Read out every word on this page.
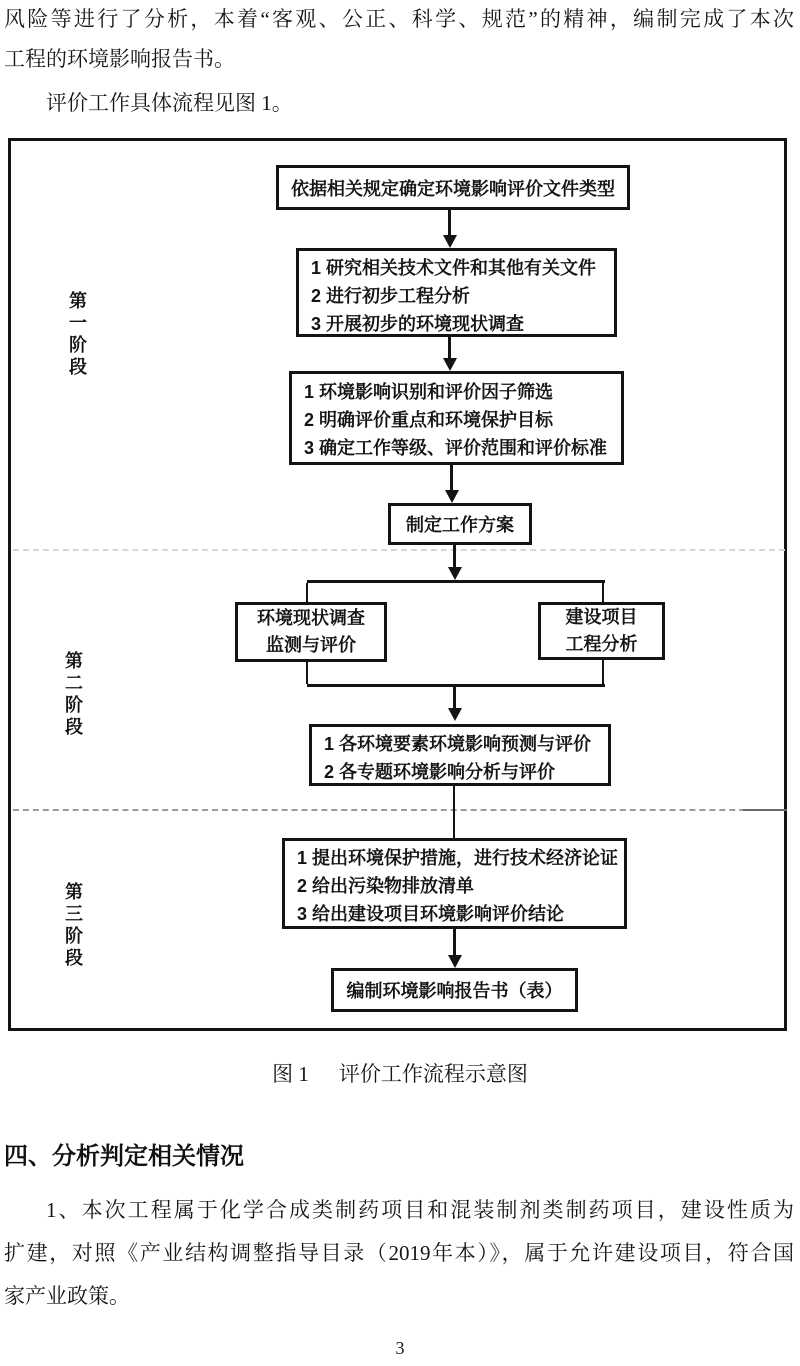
风险等进行了分析，本着“客观、公正、科学、规范”的精神，编制完成了本次
工程的环境影响报告书。
评价工作具体流程见图 1。
第一阶段
第二阶段
第三阶段
依据相关规定确定环境影响评价文件类型
1 研究相关技术文件和其他有关文件
2 进行初步工程分析
3 开展初步的环境现状调查
1 环境影响识别和评价因子筛选
2 明确评价重点和环境保护目标
3 确定工作等级、评价范围和评价标准
制定工作方案
环境现状调查
监测与评价
建设项目
工程分析
1 各环境要素环境影响预测与评价
2 各专题环境影响分析与评价
1 提出环境保护措施，进行技术经济论证
2 给出污染物排放清单
3 给出建设项目环境影响评价结论
编制环境影响报告书（表）
图 1 评价工作流程示意图
四、分析判定相关情况
1、本次工程属于化学合成类制药项目和混装制剂类制药项目，建设性质为
扩建，对照《产业结构调整指导目录（2019年本）》，属于允许建设项目，符合国
家产业政策。
3
